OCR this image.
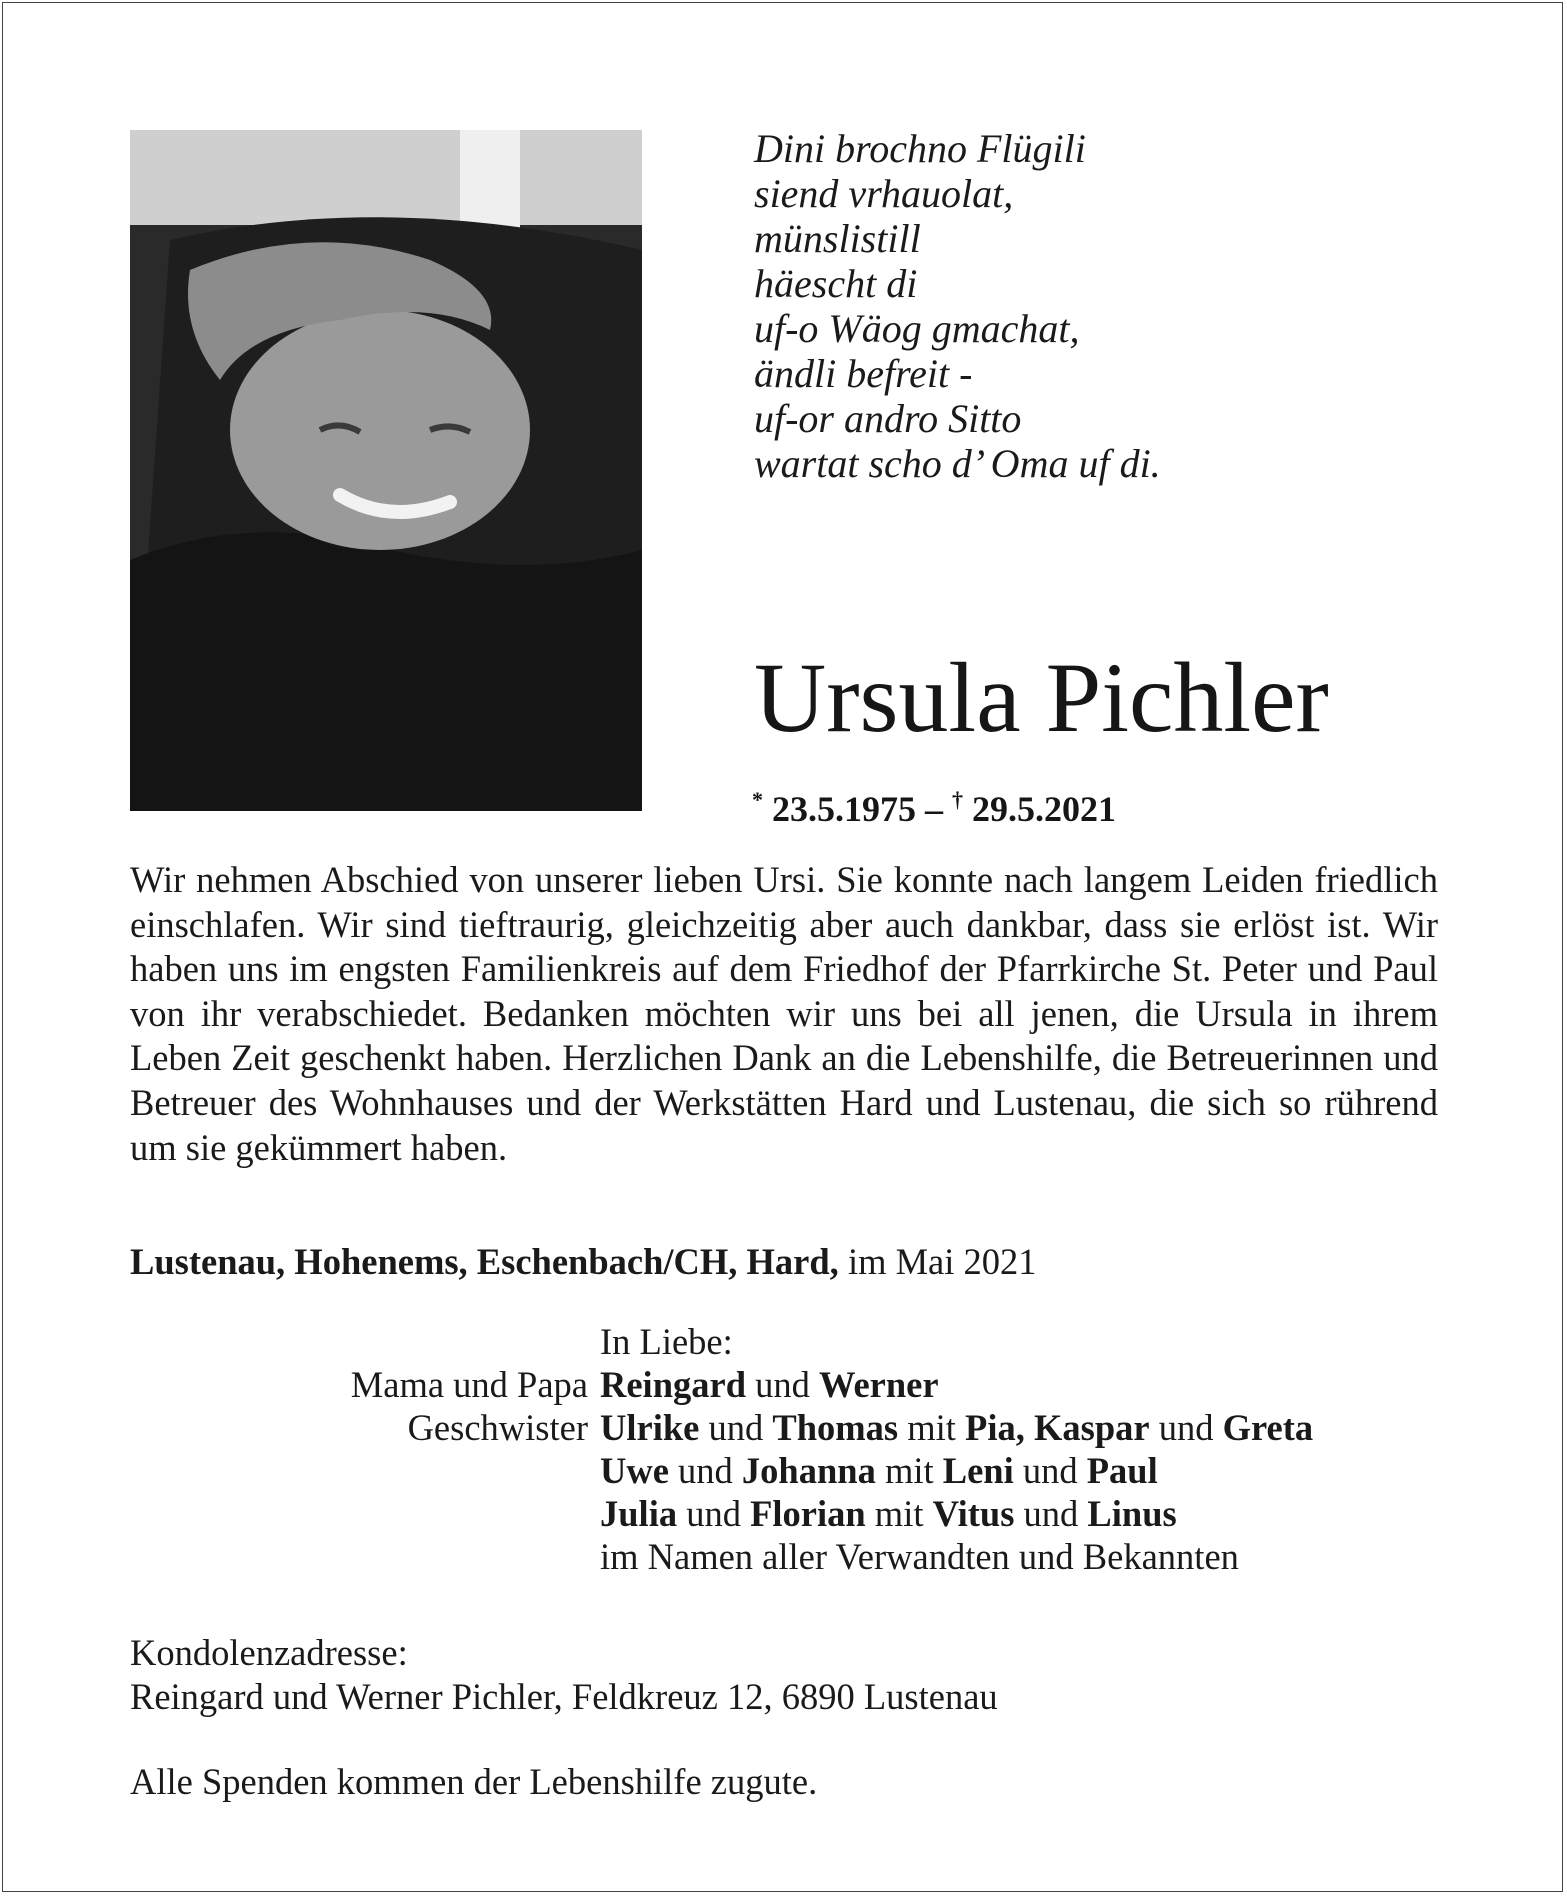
Dini brochno Flügili
siend vrhauolat,
münslistill
häescht di
uf-o Wäog gmachat,
ändli befreit -
uf-or andro Sitto
wartat scho d’ Oma uf di.
Ursula Pichler
* 23.5.1975 – † 29.5.2021

Wir nehmen Abschied von unserer lieben Ursi. Sie konnte nach langem Leiden friedlich einschlafen. Wir sind tieftraurig, gleichzeitig aber auch dankbar, dass sie erlöst ist. Wir haben uns im engsten Familienkreis auf dem Friedhof der Pfarrkirche St. Peter und Paul von ihr verabschiedet. Bedanken möchten wir uns bei all jenen, die Ursula in ihrem Leben Zeit geschenkt haben. Herzlichen Dank an die Lebenshilfe, die Betreuerinnen und Betreuer des Wohnhauses und der Werkstätten Hard und Lustenau, die sich so rührend um sie gekümmert haben.

Lustenau, Hohenems, Eschenbach/CH, Hard, im Mai 2021
In Liebe:
Mama und Papa Reingard und Werner
Geschwister Ulrike und Thomas mit Pia, Kaspar und Greta
Uwe und Johanna mit Leni und Paul
Julia und Florian mit Vitus und Linus
im Namen aller Verwandten und Bekannten
Kondolenzadresse:
Reingard und Werner Pichler, Feldkreuz 12, 6890 Lustenau
Alle Spenden kommen der Lebenshilfe zugute.
